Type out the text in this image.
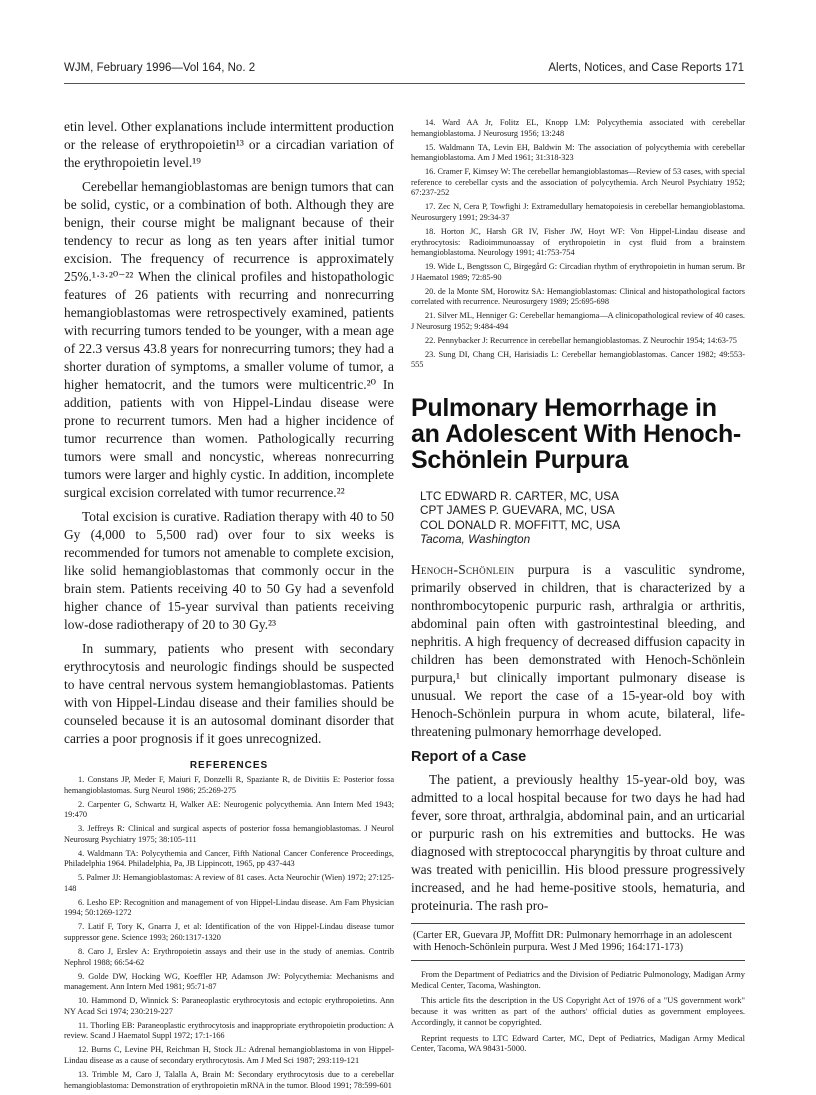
WJM, February 1996—Vol 164, No. 2	Alerts, Notices, and Case Reports 171

etin level. Other explanations include intermittent production or the release of erythropoietin¹³ or a circadian variation of the erythropoietin level.¹⁹

Cerebellar hemangioblastomas are benign tumors that can be solid, cystic, or a combination of both. Although they are benign, their course might be malignant because of their tendency to recur as long as ten years after initial tumor excision. The frequency of recurrence is approximately 25%.¹·³·²⁰⁻²² When the clinical profiles and histopathologic features of 26 patients with recurring and nonrecurring hemangioblastomas were retrospectively examined, patients with recurring tumors tended to be younger, with a mean age of 22.3 versus 43.8 years for nonrecurring tumors; they had a shorter duration of symptoms, a smaller volume of tumor, a higher hematocrit, and the tumors were multicentric.²⁰ In addition, patients with von Hippel-Lindau disease were prone to recurrent tumors. Men had a higher incidence of tumor recurrence than women. Pathologically recurring tumors were small and noncystic, whereas nonrecurring tumors were larger and highly cystic. In addition, incomplete surgical excision correlated with tumor recurrence.²²

Total excision is curative. Radiation therapy with 40 to 50 Gy (4,000 to 5,500 rad) over four to six weeks is recommended for tumors not amenable to complete excision, like solid hemangioblastomas that commonly occur in the brain stem. Patients receiving 40 to 50 Gy had a sevenfold higher chance of 15-year survival than patients receiving low-dose radiotherapy of 20 to 30 Gy.²³

In summary, patients who present with secondary erythrocytosis and neurologic findings should be suspected to have central nervous system hemangioblastomas. Patients with von Hippel-Lindau disease and their families should be counseled because it is an autosomal dominant disorder that carries a poor prognosis if it goes unrecognized.

REFERENCES

1. Constans JP, Meder F, Maiuri F, Donzelli R, Spaziante R, de Divitiis E: Posterior fossa hemangioblastomas. Surg Neurol 1986; 25:269-275

2. Carpenter G, Schwartz H, Walker AE: Neurogenic polycythemia. Ann Intern Med 1943; 19:470

3. Jeffreys R: Clinical and surgical aspects of posterior fossa hemangioblastomas. J Neurol Neurosurg Psychiatry 1975; 38:105-111

4. Waldmann TA: Polycythemia and Cancer, Fifth National Cancer Conference Proceedings, Philadelphia 1964. Philadelphia, Pa, JB Lippincott, 1965, pp 437-443

5. Palmer JJ: Hemangioblastomas: A review of 81 cases. Acta Neurochir (Wien) 1972; 27:125-148

6. Lesho EP: Recognition and management of von Hippel-Lindau disease. Am Fam Physician 1994; 50:1269-1272

7. Latif F, Tory K, Gnarra J, et al: Identification of the von Hippel-Lindau disease tumor suppressor gene. Science 1993; 260:1317-1320

8. Caro J, Erslev A: Erythropoietin assays and their use in the study of anemias. Contrib Nephrol 1988; 66:54-62

9. Golde DW, Hocking WG, Koeffler HP, Adamson JW: Polycythemia: Mechanisms and management. Ann Intern Med 1981; 95:71-87

10. Hammond D, Winnick S: Paraneoplastic erythrocytosis and ectopic erythropoietins. Ann NY Acad Sci 1974; 230:219-227

11. Thorling EB: Paraneoplastic erythrocytosis and inappropriate erythropoietin production: A review. Scand J Haematol Suppl 1972; 17:1-166

12. Burns C, Levine PH, Reichman H, Stock JL: Adrenal hemangioblastoma in von Hippel-Lindau disease as a cause of secondary erythrocytosis. Am J Med Sci 1987; 293:119-121

13. Trimble M, Caro J, Talalla A, Brain M: Secondary erythrocytosis due to a cerebellar hemangioblastoma: Demonstration of erythropoietin mRNA in the tumor. Blood 1991; 78:599-601

14. Ward AA Jr, Folitz EL, Knopp LM: Polycythemia associated with cerebellar hemangioblastoma. J Neurosurg 1956; 13:248

15. Waldmann TA, Levin EH, Baldwin M: The association of polycythemia with cerebellar hemangioblastoma. Am J Med 1961; 31:318-323

16. Cramer F, Kimsey W: The cerebellar hemangioblastomas—Review of 53 cases, with special reference to cerebellar cysts and the association of polycythemia. Arch Neurol Psychiatry 1952; 67:237-252

17. Zec N, Cera P, Towfighi J: Extramedullary hematopoiesis in cerebellar hemangioblastoma. Neurosurgery 1991; 29:34-37

18. Horton JC, Harsh GR IV, Fisher JW, Hoyt WF: Von Hippel-Lindau disease and erythrocytosis: Radioimmunoassay of erythropoietin in cyst fluid from a brainstem hemangioblastoma. Neurology 1991; 41:753-754

19. Wide L, Bengtsson C, Birgegård G: Circadian rhythm of erythropoietin in human serum. Br J Haematol 1989; 72:85-90

20. de la Monte SM, Horowitz SA: Hemangioblastomas: Clinical and histopathological factors correlated with recurrence. Neurosurgery 1989; 25:695-698

21. Silver ML, Henniger G: Cerebellar hemangioma—A clinicopathological review of 40 cases. J Neurosurg 1952; 9:484-494

22. Pennybacker J: Recurrence in cerebellar hemangioblastomas. Z Neurochir 1954; 14:63-75

23. Sung DI, Chang CH, Harisiadis L: Cerebellar hemangioblastomas. Cancer 1982; 49:553-555

Pulmonary Hemorrhage in an Adolescent With Henoch-Schönlein Purpura
LTC EDWARD R. CARTER, MC, USA
CPT JAMES P. GUEVARA, MC, USA
COL DONALD R. MOFFITT, MC, USA
Tacoma, Washington

Henoch-Schönlein purpura is a vasculitic syndrome, primarily observed in children, that is characterized by a nonthrombocytopenic purpuric rash, arthralgia or arthritis, abdominal pain often with gastrointestinal bleeding, and nephritis. A high frequency of decreased diffusion capacity in children has been demonstrated with Henoch-Schönlein purpura,¹ but clinically important pulmonary disease is unusual. We report the case of a 15-year-old boy with Henoch-Schönlein purpura in whom acute, bilateral, life-threatening pulmonary hemorrhage developed.

Report of a Case

The patient, a previously healthy 15-year-old boy, was admitted to a local hospital because for two days he had had fever, sore throat, arthralgia, abdominal pain, and an urticarial or purpuric rash on his extremities and buttocks. He was diagnosed with streptococcal pharyngitis by throat culture and was treated with penicillin. His blood pressure progressively increased, and he had heme-positive stools, hematuria, and proteinuria. The rash pro-

(Carter ER, Guevara JP, Moffitt DR: Pulmonary hemorrhage in an adolescent with Henoch-Schönlein purpura. West J Med 1996; 164:171-173)

From the Department of Pediatrics and the Division of Pediatric Pulmonology, Madigan Army Medical Center, Tacoma, Washington.

This article fits the description in the US Copyright Act of 1976 of a "US government work" because it was written as part of the authors' official duties as government employees. Accordingly, it cannot be copyrighted.

Reprint requests to LTC Edward Carter, MC, Dept of Pediatrics, Madigan Army Medical Center, Tacoma, WA 98431-5000.
